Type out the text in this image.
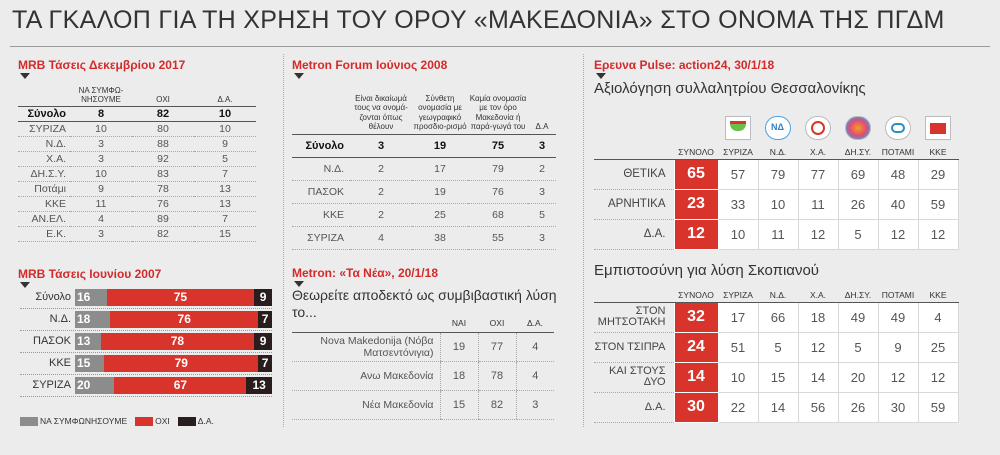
ΤΑ ΓΚΑΛΟΠ ΓΙΑ ΤΗ ΧΡΗΣΗ ΤΟΥ ΟΡΟΥ «ΜΑΚΕΔΟΝΙΑ» ΣΤΟ ΟΝΟΜΑ ΤΗΣ ΠΓΔΜ
MRB Τάσεις Δεκεμβρίου 2017
	ΝΑ ΣΥΜΦΩ-ΝΗΣΟΥΜΕ	ΟΧΙ	Δ.Α.
Σύνολο	8	82	10
ΣΥΡΙΖΑ	10	80	10
Ν.Δ.	3	88	9
Χ.Α.	3	92	5
ΔΗ.Σ.Υ.	10	83	7
Ποτάμι	9	78	13
ΚΚΕ	11	76	13
ΑΝ.ΕΛ.	4	89	7
Ε.Κ.	3	82	15
MRB Τάσεις Ιουνίου 2007
Σύνολο 16	75	9
Ν.Δ. 18	76	7
ΠΑΣΟΚ 13	78	9
ΚΚΕ 15	79	7
ΣΥΡΙΖΑ 20	67	13
ΝΑ ΣΥΜΦΩΝΗΣΟΥΜΕ	ΟΧΙ	Δ.Α.
Metron Forum Ιούνιος 2008
	Είναι δικαίωμά τους να ονομά-ζονται όπως θέλουν	Σύνθετη ονομασία με γεωγραφικό προσδιο-ρισμό	Καμία ονομασία με τον όρο Μακεδονία ή παρά-γωγά του	Δ.Α
Σύνολο	3	19	75	3
Ν.Δ.	2	17	79	2
ΠΑΣΟΚ	2	19	76	3
ΚΚΕ	2	25	68	5
ΣΥΡΙΖΑ	4	38	55	3
Metron: «Τα Νέα», 20/1/18
Θεωρείτε αποδεκτό ως συμβιβαστική λύση το...
	ΝΑΙ	ΟΧΙ	Δ.Α.
Nova Makedonija (Νόβα Ματσεντόνιγια)	19	77	4
Ανω Μακεδονία	18	78	4
Νέα Μακεδονία	15	82	3
Ερευνα Pulse: action24, 30/1/18
Αξιολόγηση συλλαλητρίου Θεσσαλονίκης

			ΝΔ				

	ΣΥΝΟΛΟ	ΣΥΡΙΖΑ	Ν.Δ.	Χ.Α.	ΔΗ.ΣΥ.	ΠΟΤΑΜΙ	ΚΚΕ
ΘΕΤΙΚΑ	65	57	79	77	69	48	29
ΑΡΝΗΤΙΚΑ	23	33	10	11	26	40	59
Δ.Α.	12	10	11	12	5	12	12
Εμπιστοσύνη για λύση Σκοπιανού
	ΣΥΝΟΛΟ	ΣΥΡΙΖΑ	Ν.Δ.	Χ.Α.	ΔΗ.ΣΥ.	ΠΟΤΑΜΙ	ΚΚΕ
ΣΤΟΝ ΜΗΤΣΟΤΑΚΗ	32	17	66	18	49	49	4
ΣΤΟΝ ΤΣΙΠΡΑ	24	51	5	12	5	9	25
ΚΑΙ ΣΤΟΥΣ ΔΥΟ	14	10	15	14	20	12	12
Δ.Α.	30	22	14	56	26	30	59
